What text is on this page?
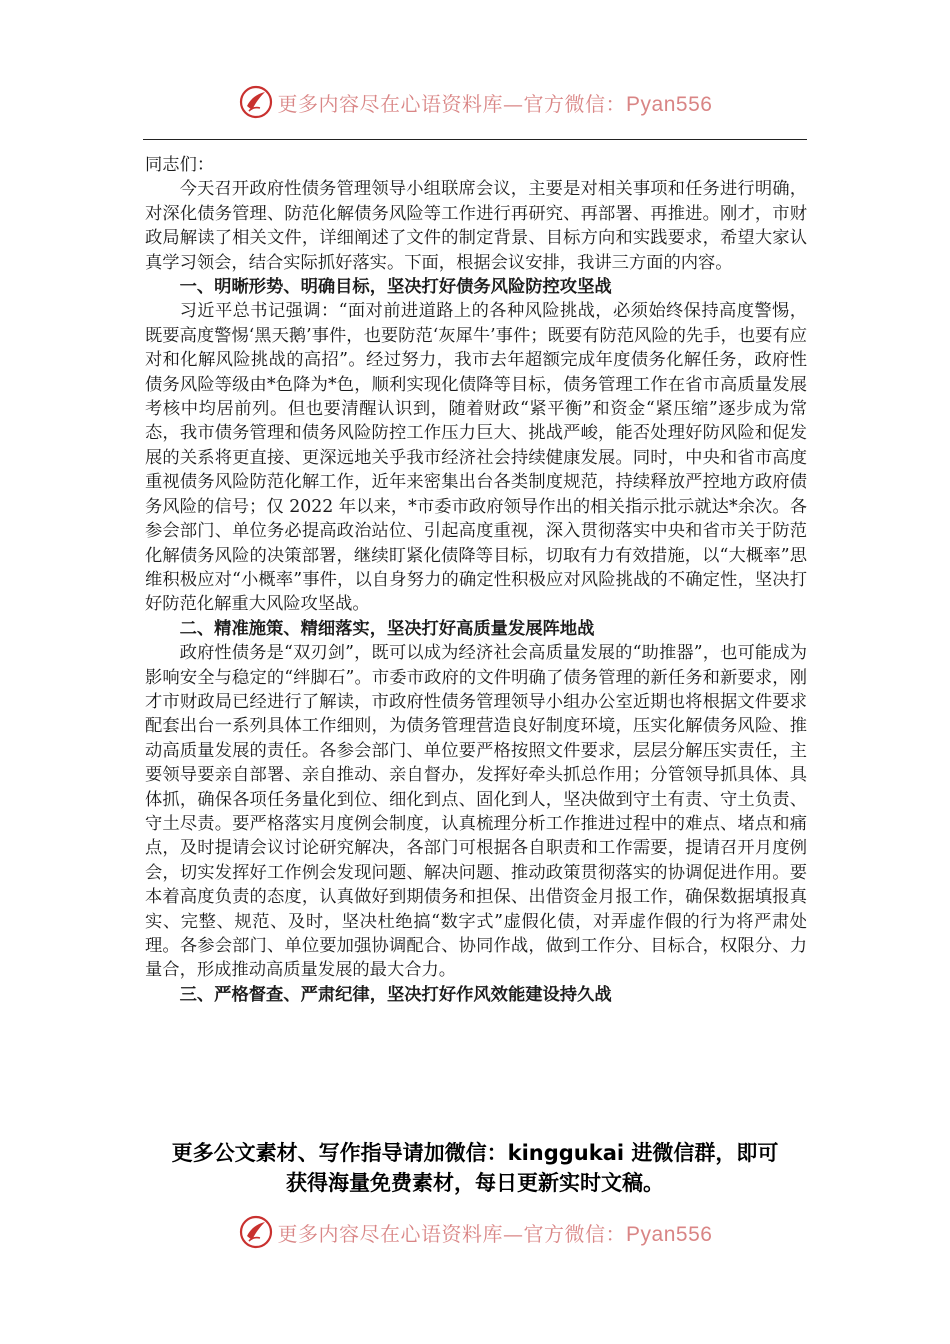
更多内容尽在心语资料库—官方微信：Pyan556

同志们：

今天召开政府性债务管理领导小组联席会议，主要是对相关事项和任务进行明确，对深化债务管理、防范化解债务风险等工作进行再研究、再部署、再推进。刚才，市财政局解读了相关文件，详细阐述了文件的制定背景、目标方向和实践要求，希望大家认真学习领会，结合实际抓好落实。下面，根据会议安排，我讲三方面的内容。

一、明晰形势、明确目标，坚决打好债务风险防控攻坚战

习近平总书记强调：“面对前进道路上的各种风险挑战，必须始终保持高度警惕，既要高度警惕‘黑天鹅’事件，也要防范‘灰犀牛’事件；既要有防范风险的先手，也要有应对和化解风险挑战的高招”。经过努力，我市去年超额完成年度债务化解任务，政府性债务风险等级由*色降为*色，顺利实现化债降等目标，债务管理工作在省市高质量发展考核中均居前列。但也要清醒认识到，随着财政“紧平衡”和资金“紧压缩”逐步成为常态，我市债务管理和债务风险防控工作压力巨大、挑战严峻，能否处理好防风险和促发展的关系将更直接、更深远地关乎我市经济社会持续健康发展。同时，中央和省市高度重视债务风险防范化解工作，近年来密集出台各类制度规范，持续释放严控地方政府债务风险的信号；仅 2022 年以来，*市委市政府领导作出的相关指示批示就达*余次。各参会部门、单位务必提高政治站位、引起高度重视，深入贯彻落实中央和省市关于防范化解债务风险的决策部署，继续盯紧化债降等目标，切取有力有效措施，以“大概率”思维积极应对“小概率”事件，以自身努力的确定性积极应对风险挑战的不确定性，坚决打好防范化解重大风险攻坚战。

二、精准施策、精细落实，坚决打好高质量发展阵地战

政府性债务是“双刃剑”，既可以成为经济社会高质量发展的“助推器”，也可能成为影响安全与稳定的“绊脚石”。市委市政府的文件明确了债务管理的新任务和新要求，刚才市财政局已经进行了解读，市政府性债务管理领导小组办公室近期也将根据文件要求配套出台一系列具体工作细则，为债务管理营造良好制度环境，压实化解债务风险、推动高质量发展的责任。各参会部门、单位要严格按照文件要求，层层分解压实责任，主要领导要亲自部署、亲自推动、亲自督办，发挥好牵头抓总作用；分管领导抓具体、具体抓，确保各项任务量化到位、细化到点、固化到人，坚决做到守土有责、守土负责、守土尽责。要严格落实月度例会制度，认真梳理分析工作推进过程中的难点、堵点和痛点，及时提请会议讨论研究解决，各部门可根据各自职责和工作需要，提请召开月度例会，切实发挥好工作例会发现问题、解决问题、推动政策贯彻落实的协调促进作用。要本着高度负责的态度，认真做好到期债务和担保、出借资金月报工作，确保数据填报真实、完整、规范、及时，坚决杜绝搞“数字式”虚假化债，对弄虚作假的行为将严肃处理。各参会部门、单位要加强协调配合、协同作战，做到工作分、目标合，权限分、力量合，形成推动高质量发展的最大合力。

三、严格督查、严肃纪律，坚决打好作风效能建设持久战

更多公文素材、写作指导请加微信：kinggukai 进微信群，即可
获得海量免费素材，每日更新实时文稿。
更多内容尽在心语资料库—官方微信：Pyan556
